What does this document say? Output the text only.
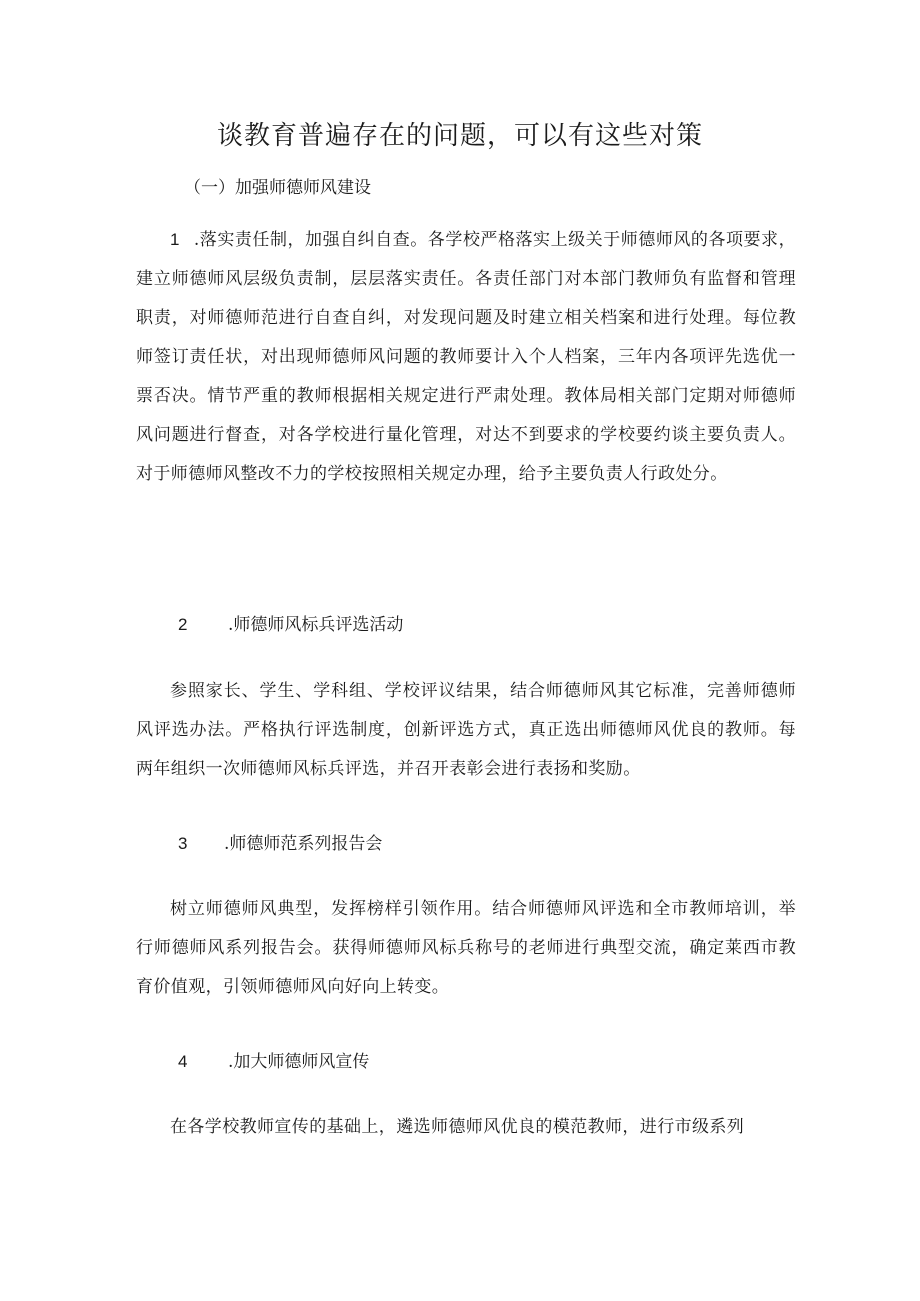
谈教育普遍存在的问题，可以有这些对策
（一）加强师德师风建设

1 .落实责任制，加强自纠自查。各学校严格落实上级关于师德师风的各项要求，建立师德师风层级负责制，层层落实责任。各责任部门对本部门教师负有监督和管理职责，对师德师范进行自查自纠，对发现问题及时建立相关档案和进行处理。每位教师签订责任状，对出现师德师风问题的教师要计入个人档案，三年内各项评先选优一票否决。情节严重的教师根据相关规定进行严肃处理。教体局相关部门定期对师德师风问题进行督查，对各学校进行量化管理，对达不到要求的学校要约谈主要负责人。对于师德师风整改不力的学校按照相关规定办理，给予主要负责人行政处分。

2 .师德师风标兵评选活动

参照家长、学生、学科组、学校评议结果，结合师德师风其它标准，完善师德师风评选办法。严格执行评选制度，创新评选方式，真正选出师德师风优良的教师。每两年组织一次师德师风标兵评选，并召开表彰会进行表扬和奖励。

3 .师德师范系列报告会

树立师德师风典型，发挥榜样引领作用。结合师德师风评选和全市教师培训，举行师德师风系列报告会。获得师德师风标兵称号的老师进行典型交流，确定莱西市教育价值观，引领师德师风向好向上转变。

4 .加大师德师风宣传

在各学校教师宣传的基础上，遴选师德师风优良的模范教师，进行市级系列
